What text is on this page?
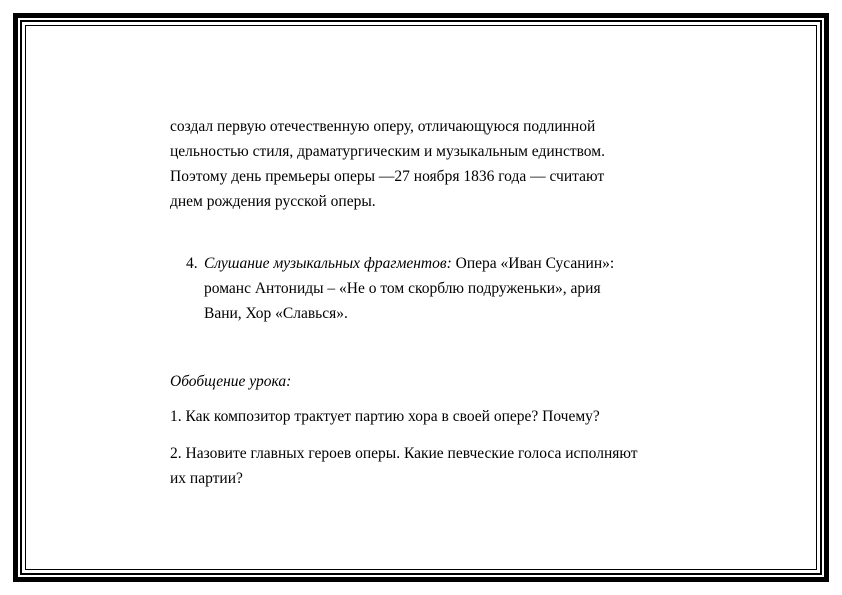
создал первую отечественную оперу, отличающуюся подлинной
цельностью стиля, драматургическим и музыкальным единством.
Поэтому день премьеры оперы —27 ноября 1836 года — считают
днем рождения русской оперы.
4. Слушание музыкальных фрагментов: Опера «Иван Сусанин»:
романс Антониды – «Не о том скорблю подруженьки», ария
Вани, Хор «Славься».
Обобщение урока:
1. Как композитор трактует партию хора в своей опере? Почему?
2. Назовите главных героев оперы. Какие певческие голоса исполняют
их партии?
